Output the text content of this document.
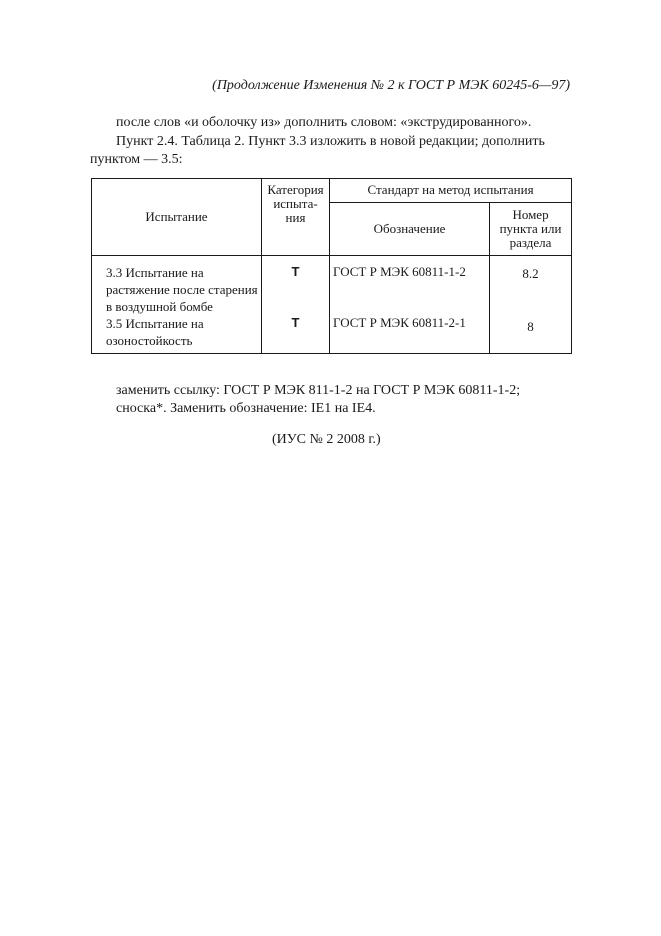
(Продолжение Изменения № 2 к ГОСТ Р МЭК 60245-6—97)
после слов «и оболочку из» дополнить словом: «экструдированного».
Пункт 2.4. Таблица 2. Пункт 3.3 изложить в новой редакции; дополнить
пунктом — 3.5:
Испытание	Категория испыта-ния	Стандарт на метод испытания	
		Обозначение	Номер пункта или раздела
3.3 Испытание на растяжение после старения в воздушной бомбе	Т	ГОСТ Р МЭК 60811-1-2	8.2
3.5 Испытание на озоностойкость	Т	ГОСТ Р МЭК 60811-2-1	8
заменить ссылку: ГОСТ Р МЭК 811-1-2 на ГОСТ Р МЭК 60811-1-2;
сноска*. Заменить обозначение: IE1 на IE4.
(ИУС № 2 2008 г.)
